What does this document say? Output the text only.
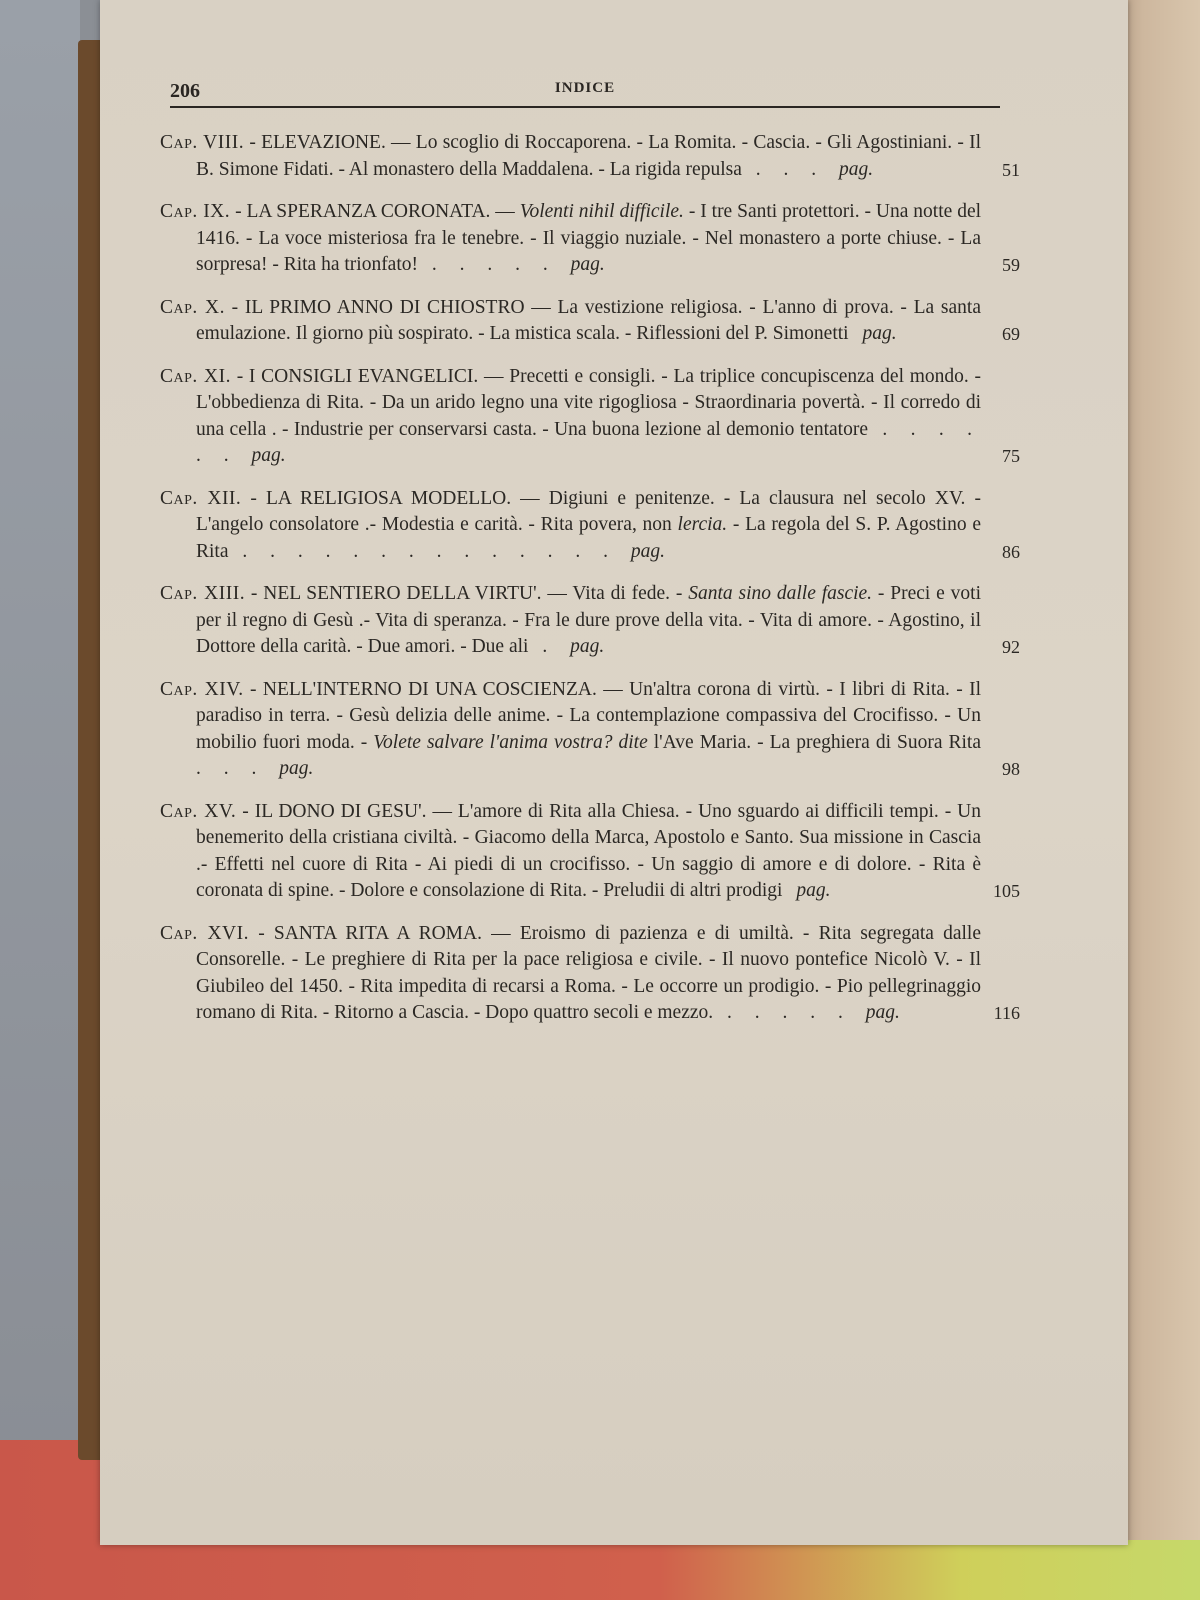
206	INDICE
Cap. VIII. - ELEVAZIONE. — Lo scoglio di Roccaporena. - La Romita. - Cascia. - Gli Agostiniani. - Il B. Simone Fidati. - Al monastero della Maddalena. - La rigida repulsa . . . pag.	51
Cap. IX. - LA SPERANZA CORONATA. — Volenti nihil difficile. - I tre Santi protettori. - Una notte del 1416. - La voce misteriosa fra le tenebre. - Il viaggio nuziale. - Nel monastero a porte chiuse. - La sorpresa! - Rita ha trionfato! . . . . . pag.	59
Cap. X. - IL PRIMO ANNO DI CHIOSTRO — La vestizione religiosa. - L'anno di prova. - La santa emulazione. Il giorno più sospirato. - La mistica scala. - Riflessioni del P. Simonetti pag.	69
Cap. XI. - I CONSIGLI EVANGELICI. — Precetti e consigli. - La triplice concupiscenza del mondo. - L'obbedienza di Rita. - Da un arido legno una vite rigogliosa - Straordinaria povertà. - Il corredo di una cella . - Industrie per conservarsi casta. - Una buona lezione al demonio tentatore . . . . . . pag.	75
Cap. XII. - LA RELIGIOSA MODELLO. — Digiuni e penitenze. - La clausura nel secolo XV. - L'angelo consolatore .- Modestia e carità. - Rita povera, non lercia. - La regola del S. P. Agostino e Rita . . . . . . . . . . . . . . pag.	86
Cap. XIII. - NEL SENTIERO DELLA VIRTU'. — Vita di fede. - Santa sino dalle fascie. - Preci e voti per il regno di Gesù .- Vita di speranza. - Fra le dure prove della vita. - Vita di amore. - Agostino, il Dottore della carità. - Due amori. - Due ali . pag.	92
Cap. XIV. - NELL'INTERNO DI UNA COSCIENZA. — Un'altra corona di virtù. - I libri di Rita. - Il paradiso in terra. - Gesù delizia delle anime. - La contemplazione compassiva del Crocifisso. - Un mobilio fuori moda. - Volete salvare l'anima vostra? dite l'Ave Maria. - La preghiera di Suora Rita . . . pag.	98
Cap. XV. - IL DONO DI GESU'. — L'amore di Rita alla Chiesa. - Uno sguardo ai difficili tempi. - Un benemerito della cristiana civiltà. - Giacomo della Marca, Apostolo e Santo. Sua missione in Cascia .- Effetti nel cuore di Rita - Ai piedi di un crocifisso. - Un saggio di amore e di dolore. - Rita è coronata di spine. - Dolore e consolazione di Rita. - Preludii di altri prodigi pag.	105
Cap. XVI. - SANTA RITA A ROMA. — Eroismo di pazienza e di umiltà. - Rita segregata dalle Consorelle. - Le preghiere di Rita per la pace religiosa e civile. - Il nuovo pontefice Nicolò V. - Il Giubileo del 1450. - Rita impedita di recarsi a Roma. - Le occorre un prodigio. - Pio pellegrinaggio romano di Rita. - Ritorno a Cascia. - Dopo quattro secoli e mezzo. . . . . . pag.	116
